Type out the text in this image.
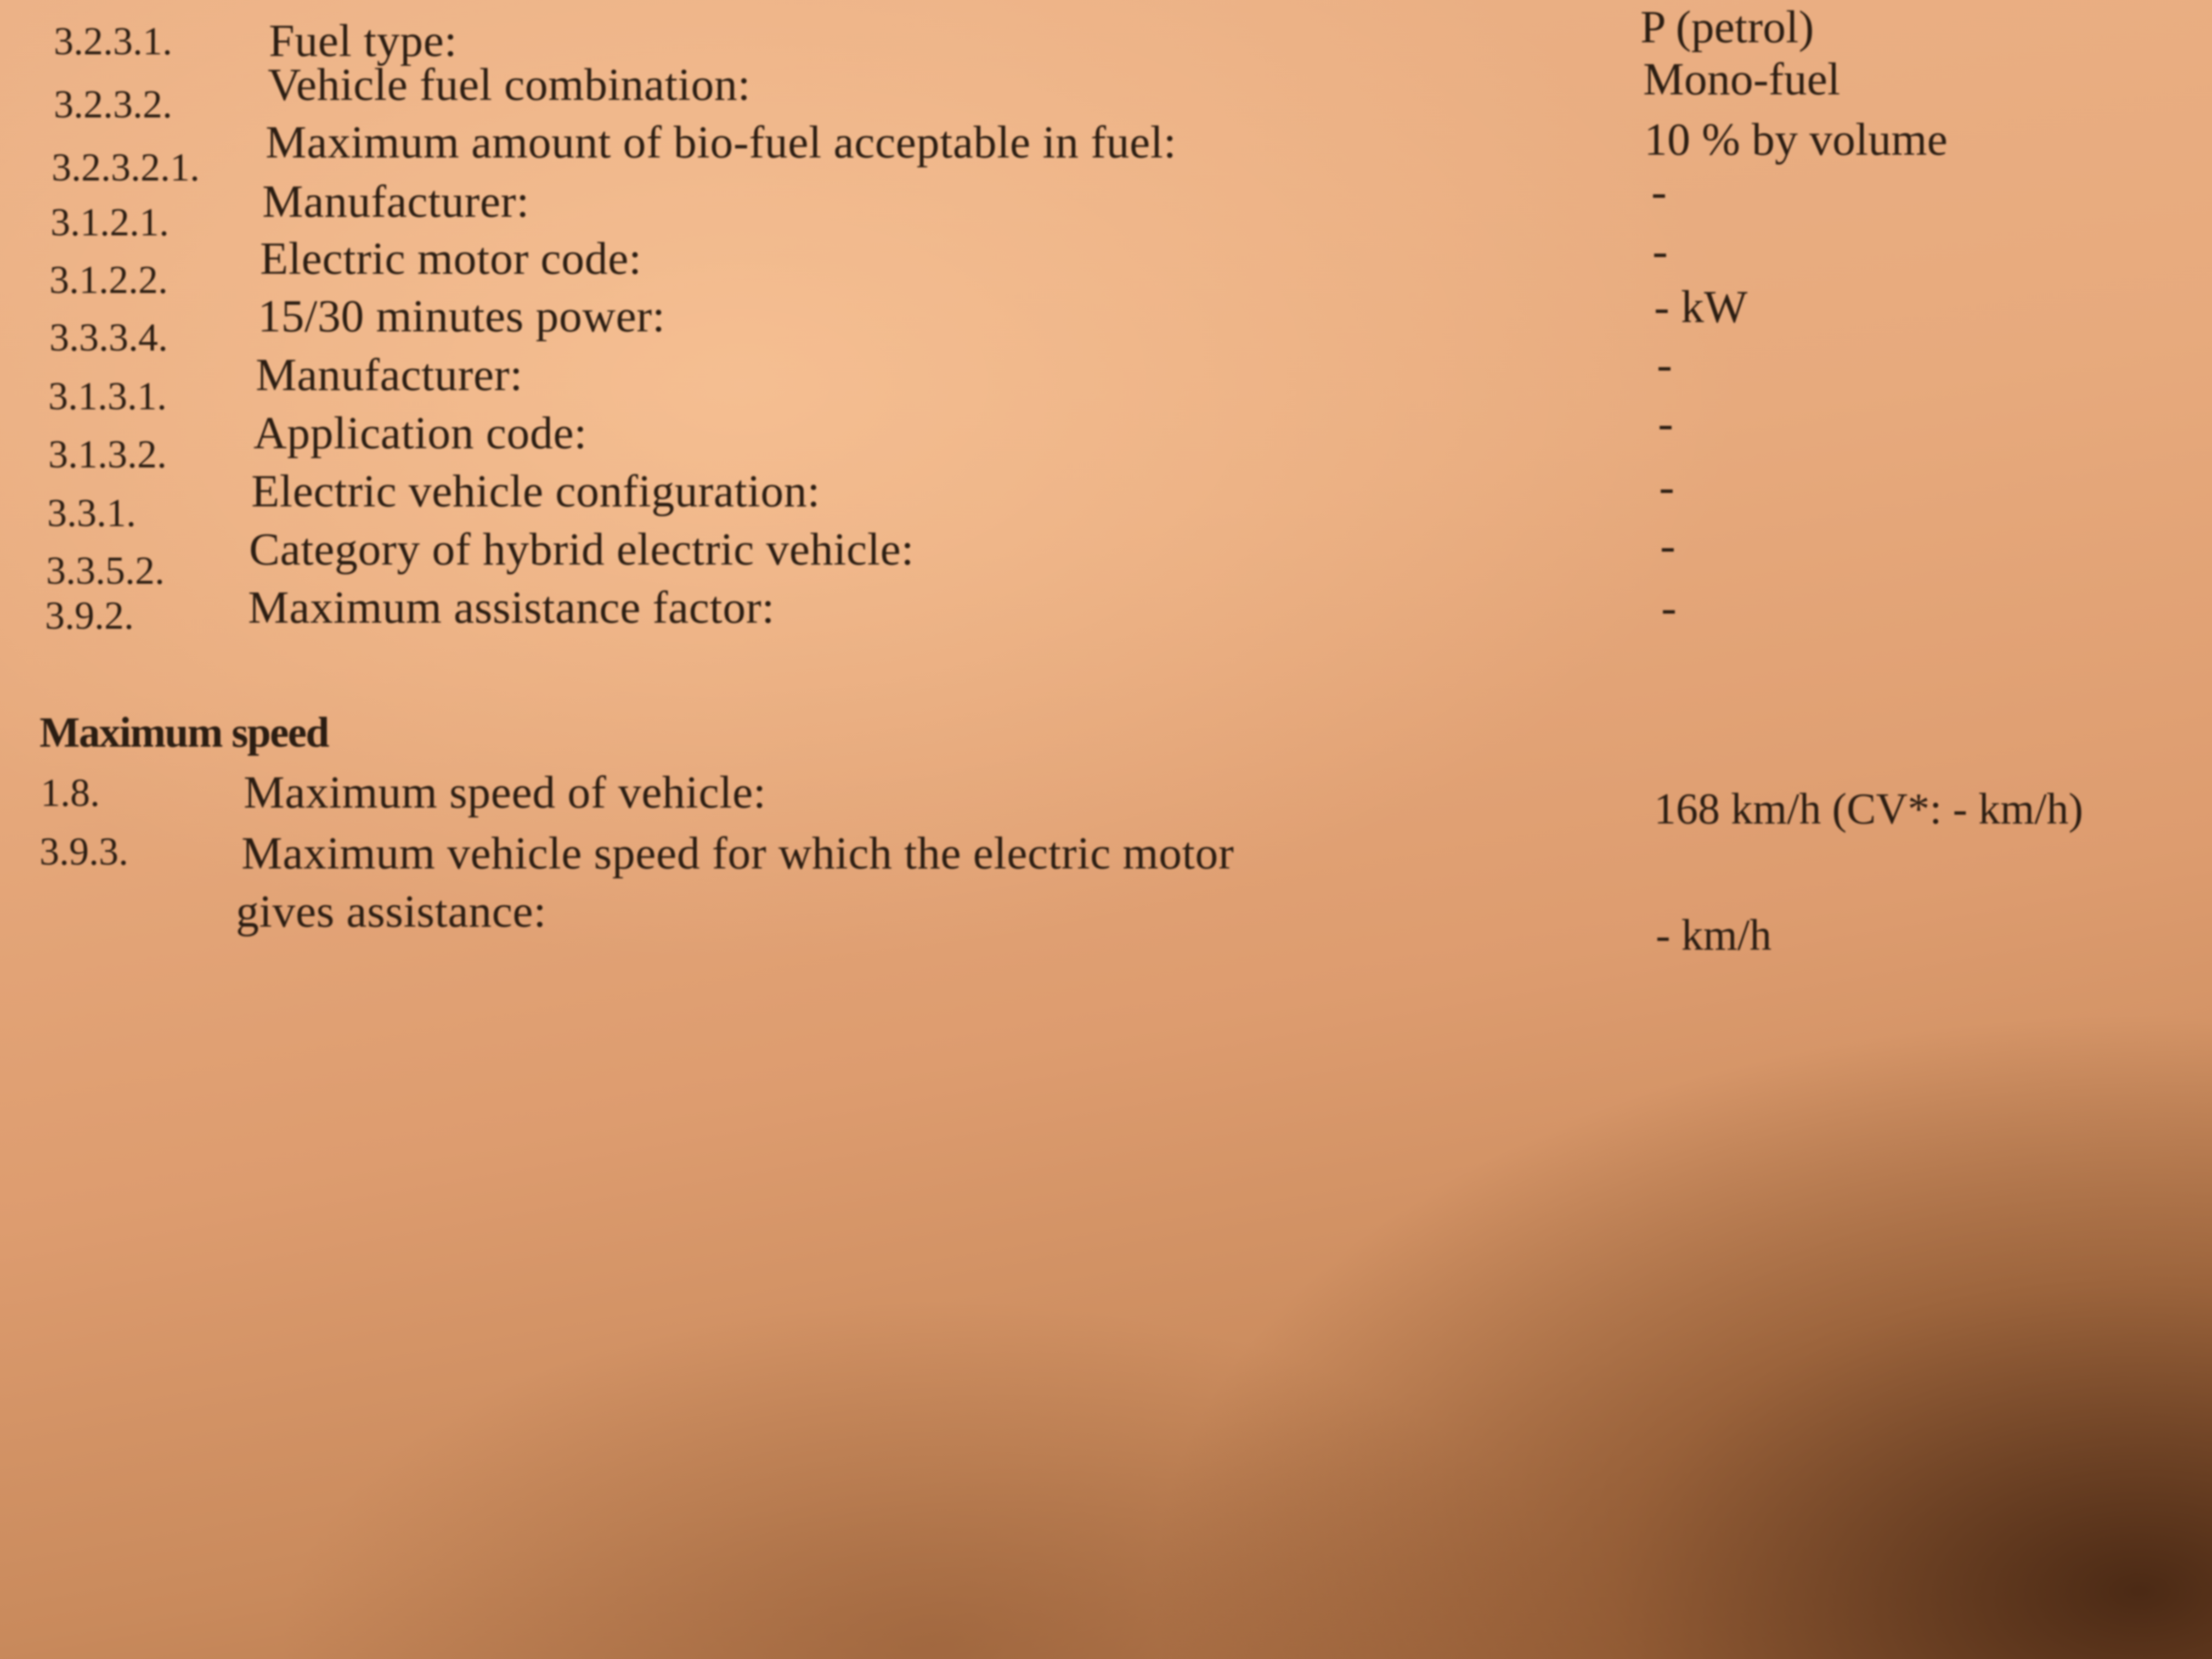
3.2.3.1. Fuel type:	P (petrol)
3.2.3.2. Vehicle fuel combination:	Mono-fuel
3.2.3.2.1. Maximum amount of bio-fuel acceptable in fuel:	10 % by volume
3.1.2.1. Manufacturer:	-
3.1.2.2. Electric motor code:	-
3.3.3.4. 15/30 minutes power:	- kW
3.1.3.1. Manufacturer:	-
3.1.3.2. Application code:	-
3.3.1.	Electric vehicle configuration:	-
3.3.5.2. Category of hybrid electric vehicle:	-
3.9.2. Maximum assistance factor:	-
Maximum speed
1.8.	Maximum speed of vehicle:	168 km/h (CV*: - km/h)
3.9.3. Maximum vehicle speed for which the electric motor
gives assistance:	- km/h
